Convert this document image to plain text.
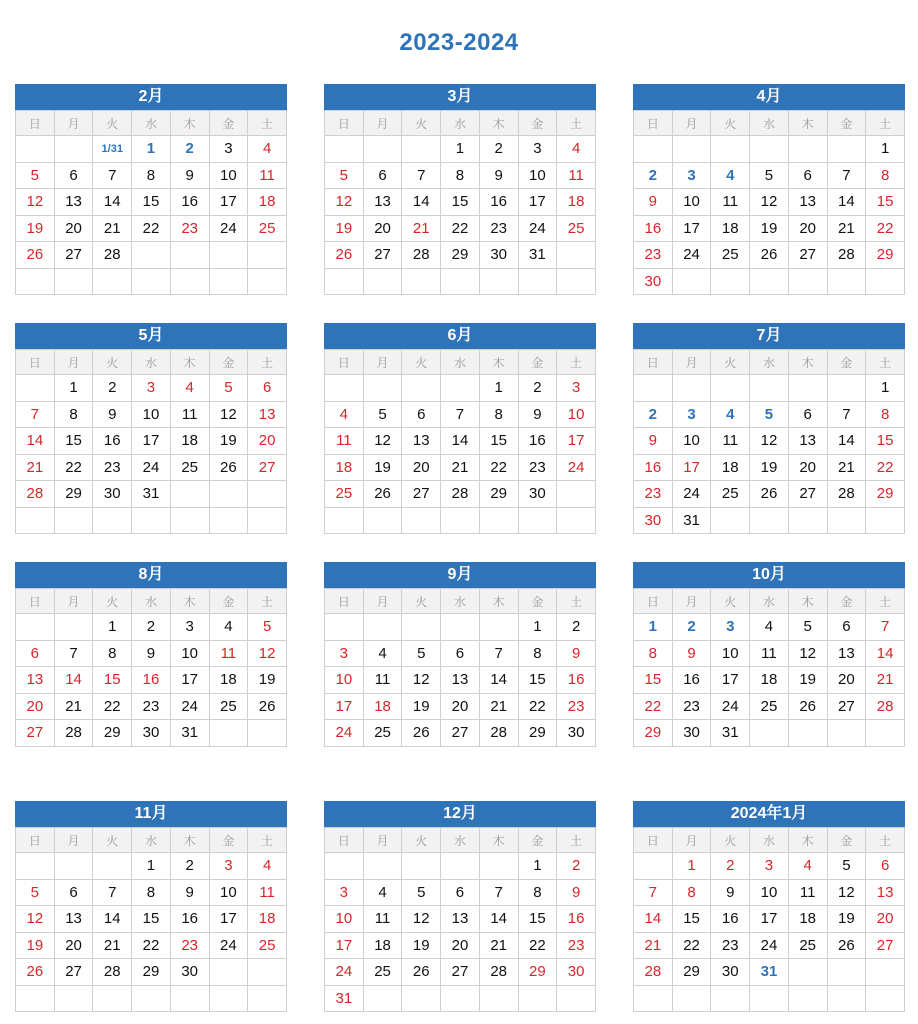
2023-2024
2月
日	月	火	水	木	金	土
		1/31	1	2	3	4
5	6	7	8	9	10	11
12	13	14	15	16	17	18
19	20	21	22	23	24	25
26	27	28				

3月
日	月	火	水	木	金	土
			1	2	3	4
5	6	7	8	9	10	11
12	13	14	15	16	17	18
19	20	21	22	23	24	25
26	27	28	29	30	31	

4月
日	月	火	水	木	金	土
						1
2	3	4	5	6	7	8
9	10	11	12	13	14	15
16	17	18	19	20	21	22
23	24	25	26	27	28	29
30						
5月
日	月	火	水	木	金	土
	1	2	3	4	5	6
7	8	9	10	11	12	13
14	15	16	17	18	19	20
21	22	23	24	25	26	27
28	29	30	31			

6月
日	月	火	水	木	金	土
				1	2	3
4	5	6	7	8	9	10
11	12	13	14	15	16	17
18	19	20	21	22	23	24
25	26	27	28	29	30	

7月
日	月	火	水	木	金	土
						1
2	3	4	5	6	7	8
9	10	11	12	13	14	15
16	17	18	19	20	21	22
23	24	25	26	27	28	29
30	31					
8月
日	月	火	水	木	金	土
		1	2	3	4	5
6	7	8	9	10	11	12
13	14	15	16	17	18	19
20	21	22	23	24	25	26
27	28	29	30	31		
9月
日	月	火	水	木	金	土
					1	2
3	4	5	6	7	8	9
10	11	12	13	14	15	16
17	18	19	20	21	22	23
24	25	26	27	28	29	30
10月
日	月	火	水	木	金	土
1	2	3	4	5	6	7
8	9	10	11	12	13	14
15	16	17	18	19	20	21
22	23	24	25	26	27	28
29	30	31				
11月
日	月	火	水	木	金	土
			1	2	3	4
5	6	7	8	9	10	11
12	13	14	15	16	17	18
19	20	21	22	23	24	25
26	27	28	29	30		

12月
日	月	火	水	木	金	土
					1	2
3	4	5	6	7	8	9
10	11	12	13	14	15	16
17	18	19	20	21	22	23
24	25	26	27	28	29	30
31						
2024年1月
日	月	火	水	木	金	土
	1	2	3	4	5	6
7	8	9	10	11	12	13
14	15	16	17	18	19	20
21	22	23	24	25	26	27
28	29	30	31			
